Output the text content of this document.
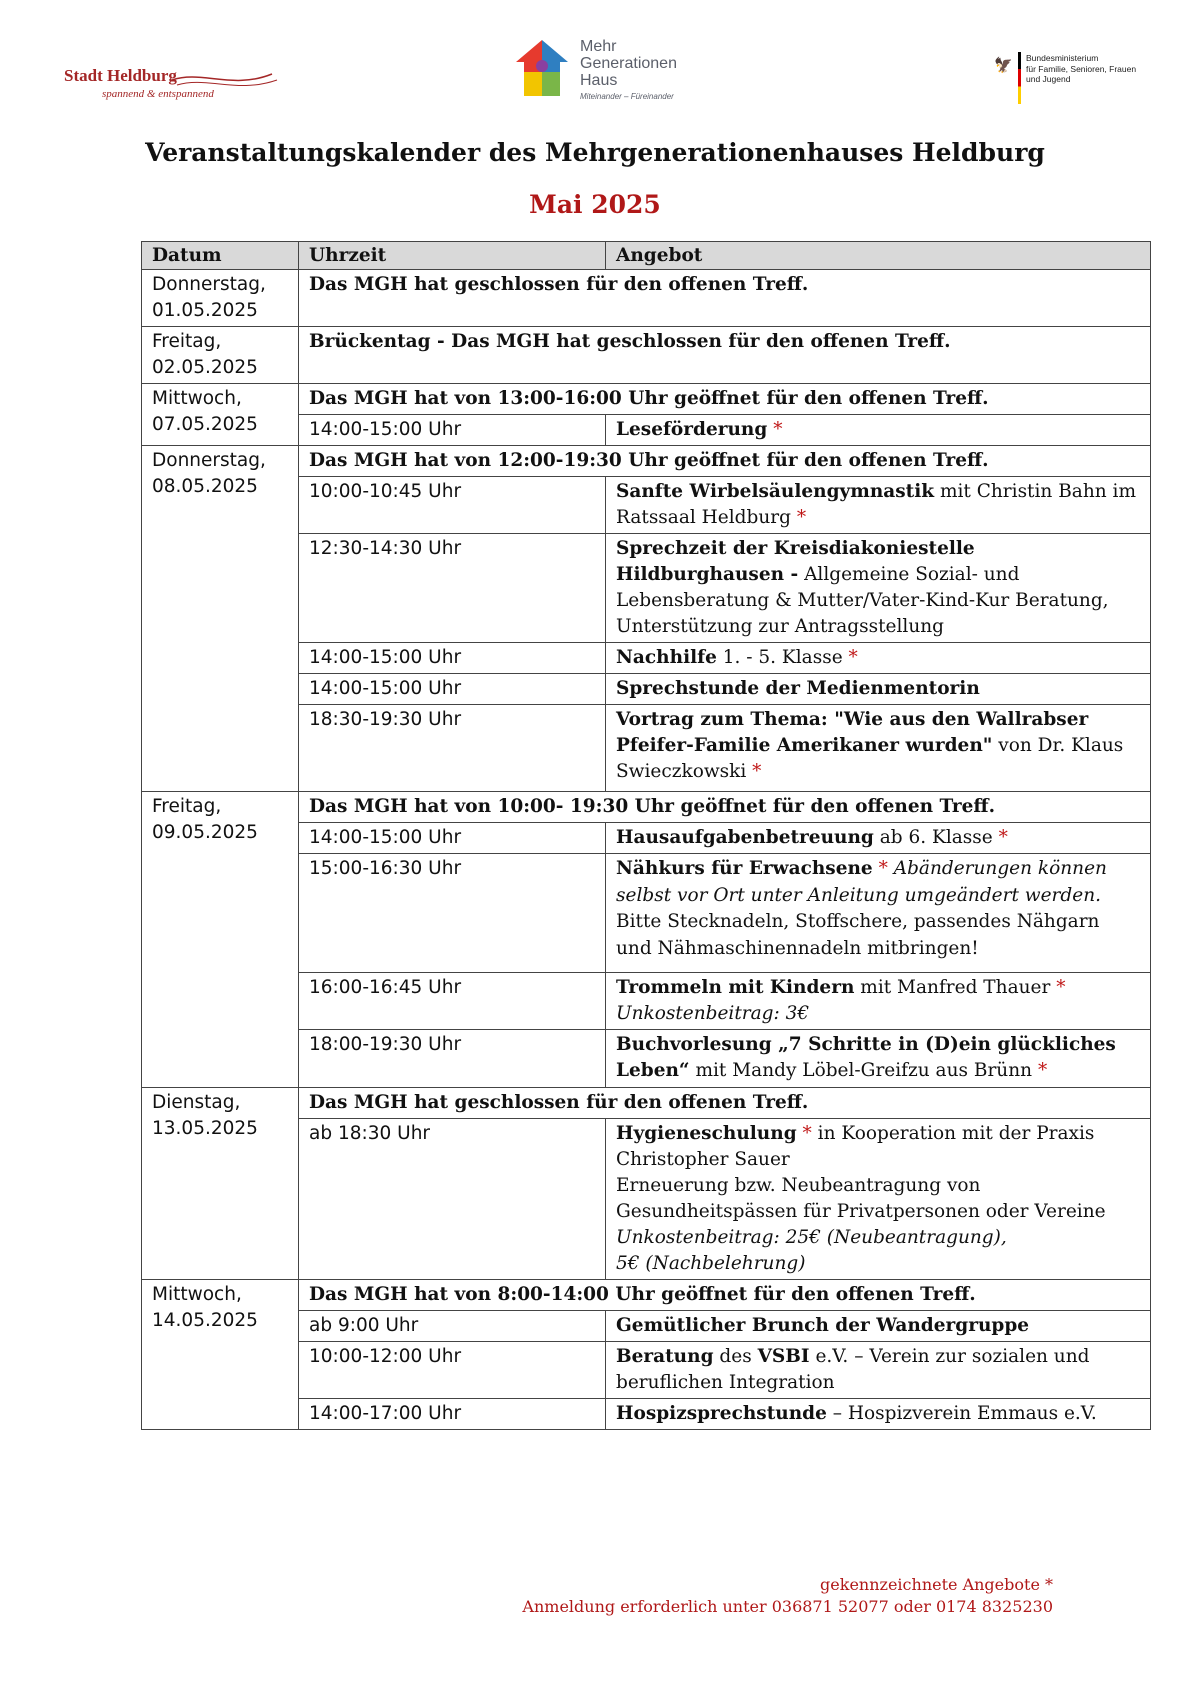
Stadt Heldburg
spannend & entspannend
Mehr
Generationen
Haus
Miteinander – Füreinander
🦅 Bundesministerium
für Familie, Senioren, Frauen
und Jugend
Veranstaltungskalender des Mehrgenerationenhauses Heldburg
Mai 2025
Datum	Uhrzeit	Angebot
Donnerstag,
01.05.2025	Das MGH hat geschlossen für den offenen Treff.	
Freitag,
02.05.2025	Brückentag - Das MGH hat geschlossen für den offenen Treff.	
Mittwoch,
07.05.2025	Das MGH hat von 13:00-16:00 Uhr geöffnet für den offenen Treff.	
	14:00-15:00 Uhr	Leseförderung *
Donnerstag,
08.05.2025	Das MGH hat von 12:00-19:30 Uhr geöffnet für den offenen Treff.	
	10:00-10:45 Uhr	Sanfte Wirbelsäulengymnastik mit Christin Bahn im Ratssaal Heldburg *
	12:30-14:30 Uhr	Sprechzeit der Kreisdiakoniestelle Hildburghausen - Allgemeine Sozial- und Lebensberatung & Mutter/Vater-Kind-Kur Beratung, Unterstützung zur Antragsstellung
	14:00-15:00 Uhr	Nachhilfe 1. - 5. Klasse *
	14:00-15:00 Uhr	Sprechstunde der Medienmentorin
	18:30-19:30 Uhr	Vortrag zum Thema: "Wie aus den Wallrabser Pfeifer-Familie Amerikaner wurden" von Dr. Klaus Swieczkowski *
Freitag,
09.05.2025	Das MGH hat von 10:00- 19:30 Uhr geöffnet für den offenen Treff.	
	14:00-15:00 Uhr	Hausaufgabenbetreuung ab 6. Klasse *
	15:00-16:30 Uhr	Nähkurs für Erwachsene * Abänderungen können selbst vor Ort unter Anleitung umgeändert werden. Bitte Stecknadeln, Stoffschere, passendes Nähgarn und Nähmaschinennadeln mitbringen!
	16:00-16:45 Uhr	Trommeln mit Kindern mit Manfred Thauer *
Unkostenbeitrag: 3€
	18:00-19:30 Uhr	Buchvorlesung „7 Schritte in (D)ein glückliches Leben“ mit Mandy Löbel-Greifzu aus Brünn *
Dienstag,
13.05.2025	Das MGH hat geschlossen für den offenen Treff.	
	ab 18:30 Uhr	Hygieneschulung * in Kooperation mit der Praxis Christopher Sauer
Erneuerung bzw. Neubeantragung von Gesundheitspässen für Privatpersonen oder Vereine
Unkostenbeitrag: 25€ (Neubeantragung),
5€ (Nachbelehrung)
Mittwoch,
14.05.2025	Das MGH hat von 8:00-14:00 Uhr geöffnet für den offenen Treff.	
	ab 9:00 Uhr	Gemütlicher Brunch der Wandergruppe
	10:00-12:00 Uhr	Beratung des VSBI e.V. – Verein zur sozialen und beruflichen Integration
	14:00-17:00 Uhr	Hospizsprechstunde – Hospizverein Emmaus e.V.
gekennzeichnete Angebote *
Anmeldung erforderlich unter 036871 52077 oder 0174 8325230
